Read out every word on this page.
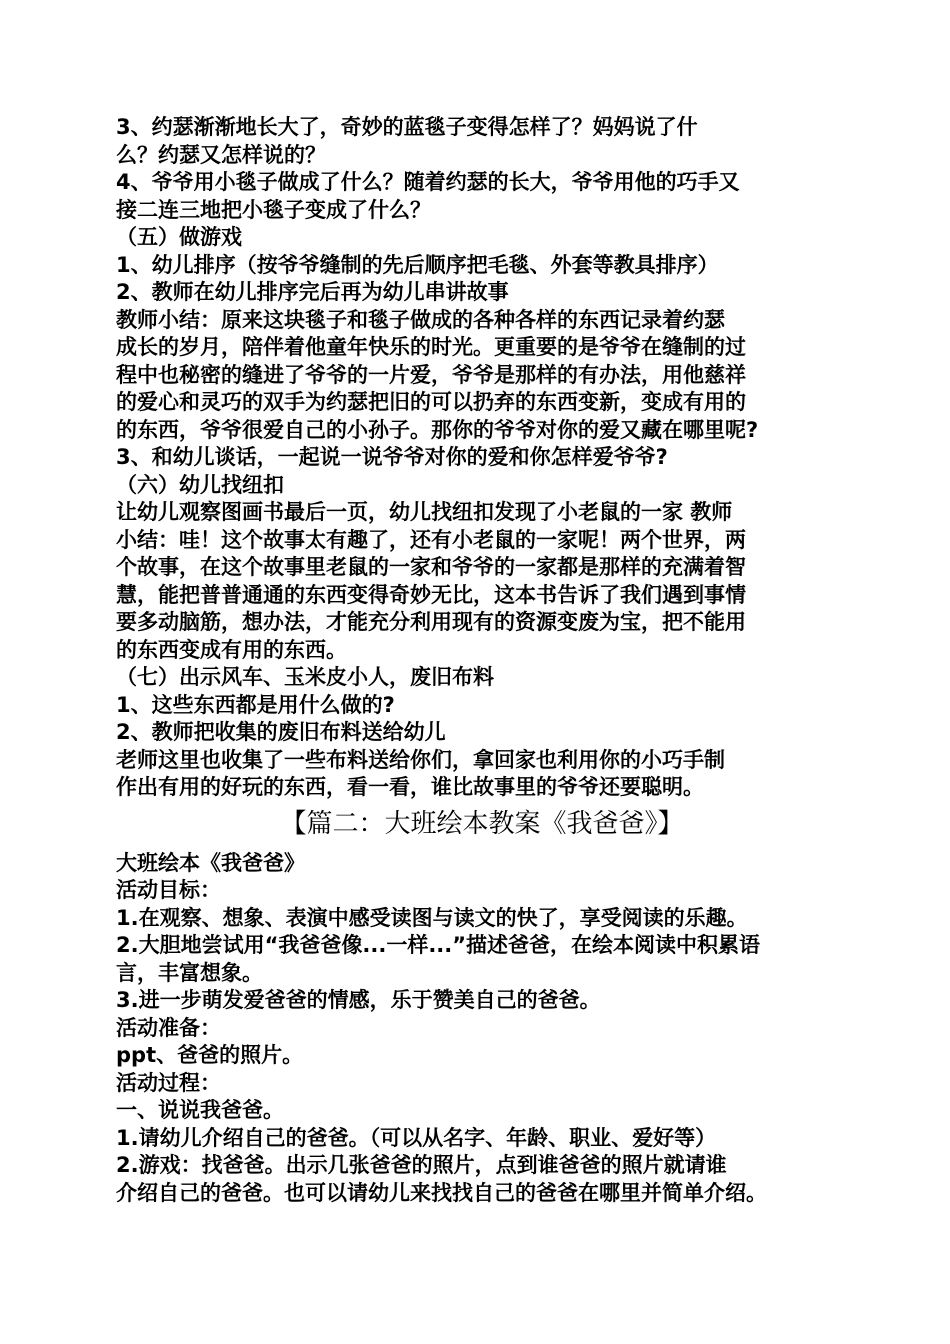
3、约瑟渐渐地长大了，奇妙的蓝毯子变得怎样了？妈妈说了什
么？约瑟又怎样说的？
4、爷爷用小毯子做成了什么？随着约瑟的长大，爷爷用他的巧手又
接二连三地把小毯子变成了什么？
（五）做游戏
1、幼儿排序（按爷爷缝制的先后顺序把毛毯、外套等教具排序）
2、教师在幼儿排序完后再为幼儿串讲故事
教师小结：原来这块毯子和毯子做成的各种各样的东西记录着约瑟
成长的岁月，陪伴着他童年快乐的时光。更重要的是爷爷在缝制的过
程中也秘密的缝进了爷爷的一片爱，爷爷是那样的有办法，用他慈祥
的爱心和灵巧的双手为约瑟把旧的可以扔弃的东西变新，变成有用的
的东西，爷爷很爱自己的小孙子。那你的爷爷对你的爱又藏在哪里呢?
3、和幼儿谈话，一起说一说爷爷对你的爱和你怎样爱爷爷?
（六）幼儿找纽扣
让幼儿观察图画书最后一页，幼儿找纽扣发现了小老鼠的一家 教师
小结：哇！这个故事太有趣了，还有小老鼠的一家呢！两个世界，两
个故事，在这个故事里老鼠的一家和爷爷的一家都是那样的充满着智
慧，能把普普通通的东西变得奇妙无比，这本书告诉了我们遇到事情
要多动脑筋，想办法，才能充分利用现有的资源变废为宝，把不能用
的东西变成有用的东西。
（七）出示风车、玉米皮小人，废旧布料
1、这些东西都是用什么做的?
2、教师把收集的废旧布料送给幼儿
老师这里也收集了一些布料送给你们，拿回家也利用你的小巧手制
作出有用的好玩的东西，看一看，谁比故事里的爷爷还要聪明。
【篇二：大班绘本教案《我爸爸》】
大班绘本《我爸爸》
活动目标：
1.在观察、想象、表演中感受读图与读文的快了，享受阅读的乐趣。
2.大胆地尝试用“我爸爸像...一样...”描述爸爸，在绘本阅读中积累语
言，丰富想象。
3.进一步萌发爱爸爸的情感，乐于赞美自己的爸爸。
活动准备：
ppt、爸爸的照片。
活动过程：
一、说说我爸爸。
1.请幼儿介绍自己的爸爸。（可以从名字、年龄、职业、爱好等）
2.游戏：找爸爸。出示几张爸爸的照片，点到谁爸爸的照片就请谁
介绍自己的爸爸。也可以请幼儿来找找自己的爸爸在哪里并简单介绍。
